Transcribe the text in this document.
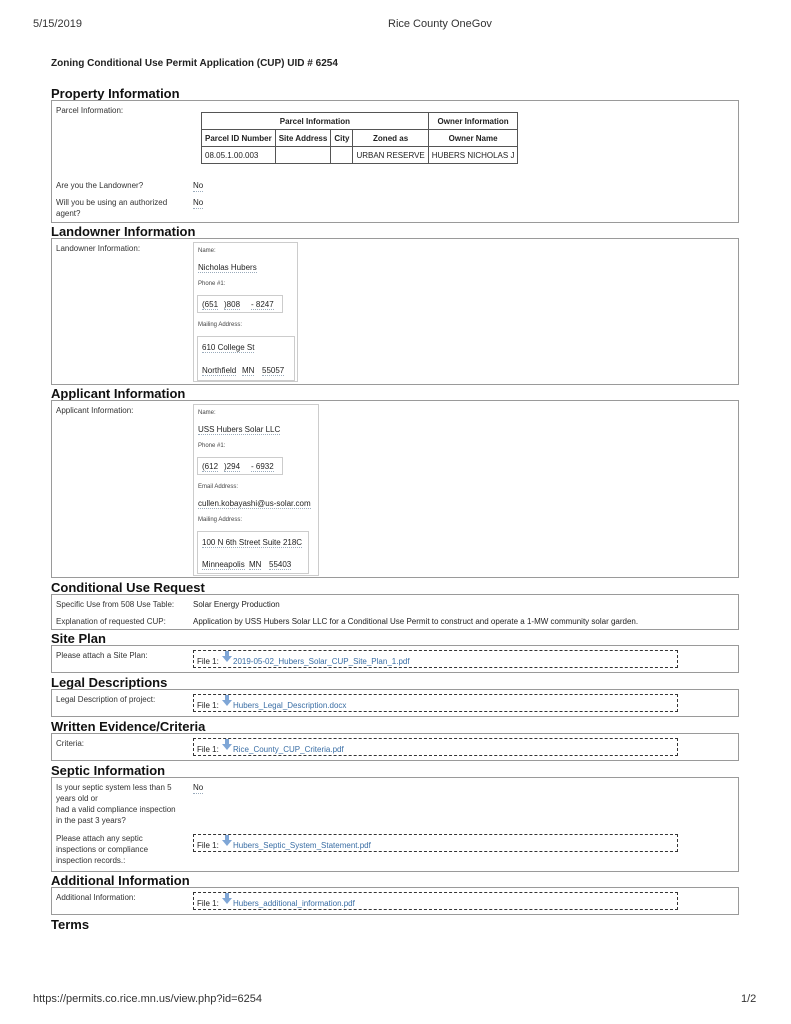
5/15/2019	Rice County OneGov
Zoning Conditional Use Permit Application (CUP) UID # 6254
Property Information
Parcel Information:
Parcel Information				Owner Information
Parcel ID Number	Site Address	City	Zoned as	Owner Name
08.05.1.00.003			URBAN RESERVE	HUBERS NICHOLAS J
Are you the Landowner?	No
Will you be using an authorized agent?
No
Landowner Information
Landowner Information:	Name:
Nicholas Hubers
Phone #1:
(651 )808 - 8247
Mailing Address:
610 College St
Northfield MN 55057
Applicant Information
Applicant Information:	Name:
USS Hubers Solar LLC
Phone #1:
(612 )294 - 6932
Email Address:
cullen.kobayashi@us-solar.com
Mailing Address:
100 N 6th Street Suite 218C
Minneapolis MN 55403
Conditional Use Request
Specific Use from 508 Use Table: Solar Energy Production
Explanation of requested CUP:	Application by USS Hubers Solar LLC for a Conditional Use Permit to construct and operate a 1-MW community solar garden.
Site Plan
Please attach a Site Plan:
File 1: 2019-05-02_Hubers_Solar_CUP_Site_Plan_1.pdf
Legal Descriptions
Legal Description of project:
File 1: Hubers_Legal_Description.docx
Written Evidence/Criteria
Criteria:
File 1: Rice_County_CUP_Criteria.pdf
Septic Information
Is your septic system less than 5
years old or
had a valid compliance inspection
in the past 3 years?
No
Please attach any septic
inspections or compliance
inspection records.:
File 1: Hubers_Septic_System_Statement.pdf
Additional Information
Additional Information:
File 1: Hubers_additional_information.pdf
Terms
https://permits.co.rice.mn.us/view.php?id=6254	1/2
